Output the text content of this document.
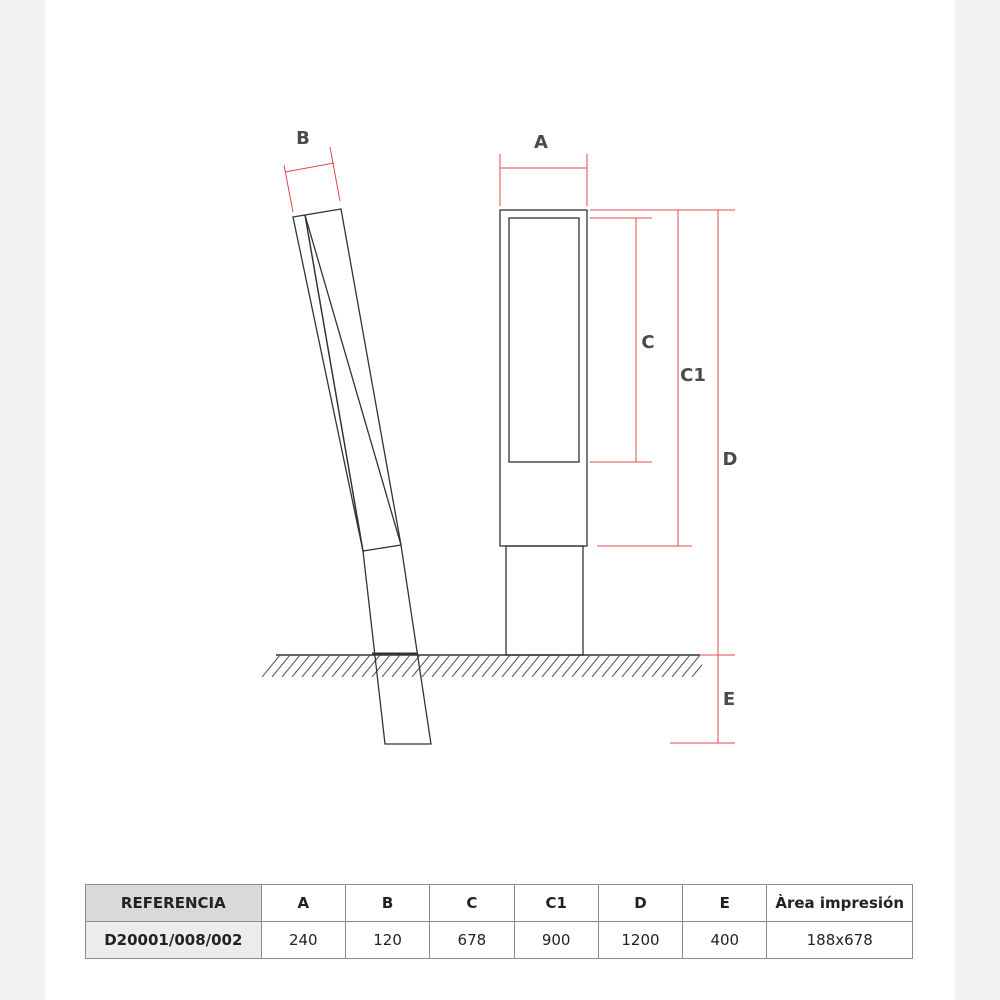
B	A
C
C1
D
E
REFERENCIA	A	B	C	C1	D	E	Àrea impresión
D20001/008/002	240	120	678	900	1200	400	188x678
